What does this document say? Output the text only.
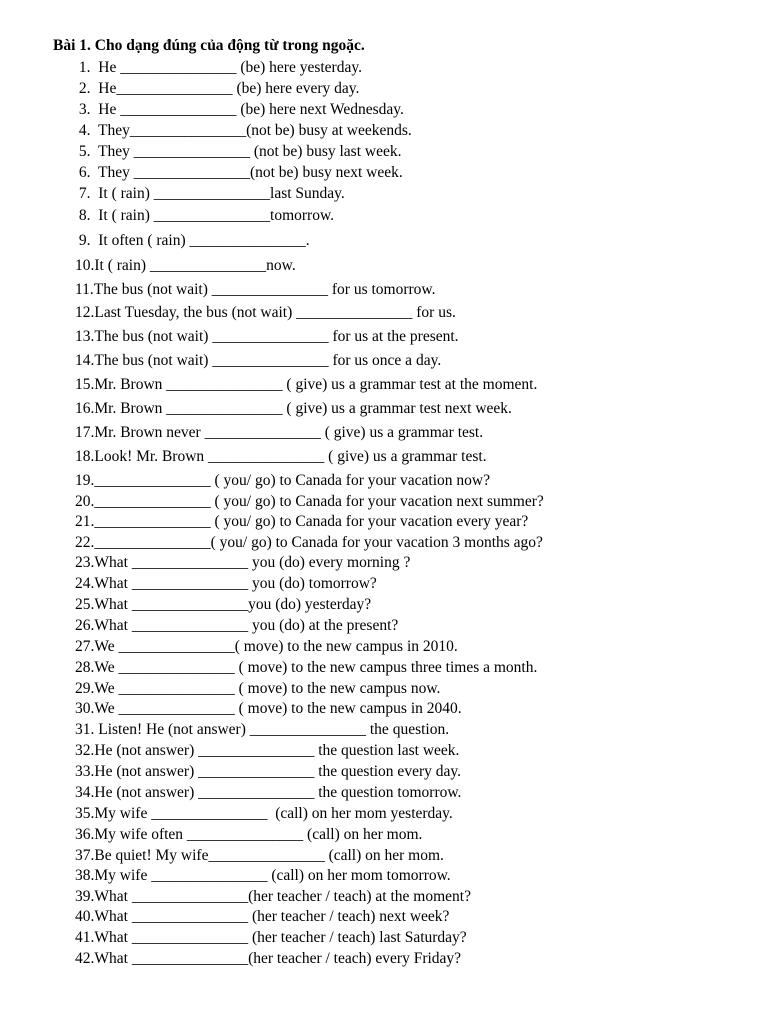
Bài 1. Cho dạng đúng của động từ trong ngoặc.
1.  He _______________ (be) here yesterday.
2.  He_______________ (be) here every day.
3.  He _______________ (be) here next Wednesday.
4.  They_______________(not be) busy at weekends.
5.  They _______________ (not be) busy last week.
6.  They _______________(not be) busy next week.
7.  It ( rain) _______________last Sunday.
8.  It ( rain) _______________tomorrow.
9.  It often ( rain) _______________.
10.It ( rain) _______________now.
11.The bus (not wait) _______________ for us tomorrow.
12.Last Tuesday, the bus (not wait) _______________ for us.
13.The bus (not wait) _______________ for us at the present.
14.The bus (not wait) _______________ for us once a day.
15.Mr. Brown _______________ ( give) us a grammar test at the moment.
16.Mr. Brown _______________ ( give) us a grammar test next week.
17.Mr. Brown never _______________ ( give) us a grammar test.
18.Look! Mr. Brown _______________ ( give) us a grammar test.
19._______________ ( you/ go) to Canada for your vacation now?
20._______________ ( you/ go) to Canada for your vacation next summer?
21._______________ ( you/ go) to Canada for your vacation every year?
22._______________( you/ go) to Canada for your vacation 3 months ago?
23.What _______________ you (do) every morning ?
24.What _______________ you (do) tomorrow?
25.What _______________you (do) yesterday?
26.What _______________ you (do) at the present?
27.We _______________( move) to the new campus in 2010.
28.We _______________ ( move) to the new campus three times a month.
29.We _______________ ( move) to the new campus now.
30.We _______________ ( move) to the new campus in 2040.
31. Listen! He (not answer) _______________ the question.
32.He (not answer) _______________ the question last week.
33.He (not answer) _______________ the question every day.
34.He (not answer) _______________ the question tomorrow.
35.My wife _______________  (call) on her mom yesterday.
36.My wife often _______________ (call) on her mom.
37.Be quiet! My wife_______________ (call) on her mom.
38.My wife _______________ (call) on her mom tomorrow.
39.What _______________(her teacher / teach) at the moment?
40.What _______________ (her teacher / teach) next week?
41.What _______________ (her teacher / teach) last Saturday?
42.What _______________(her teacher / teach) every Friday?
